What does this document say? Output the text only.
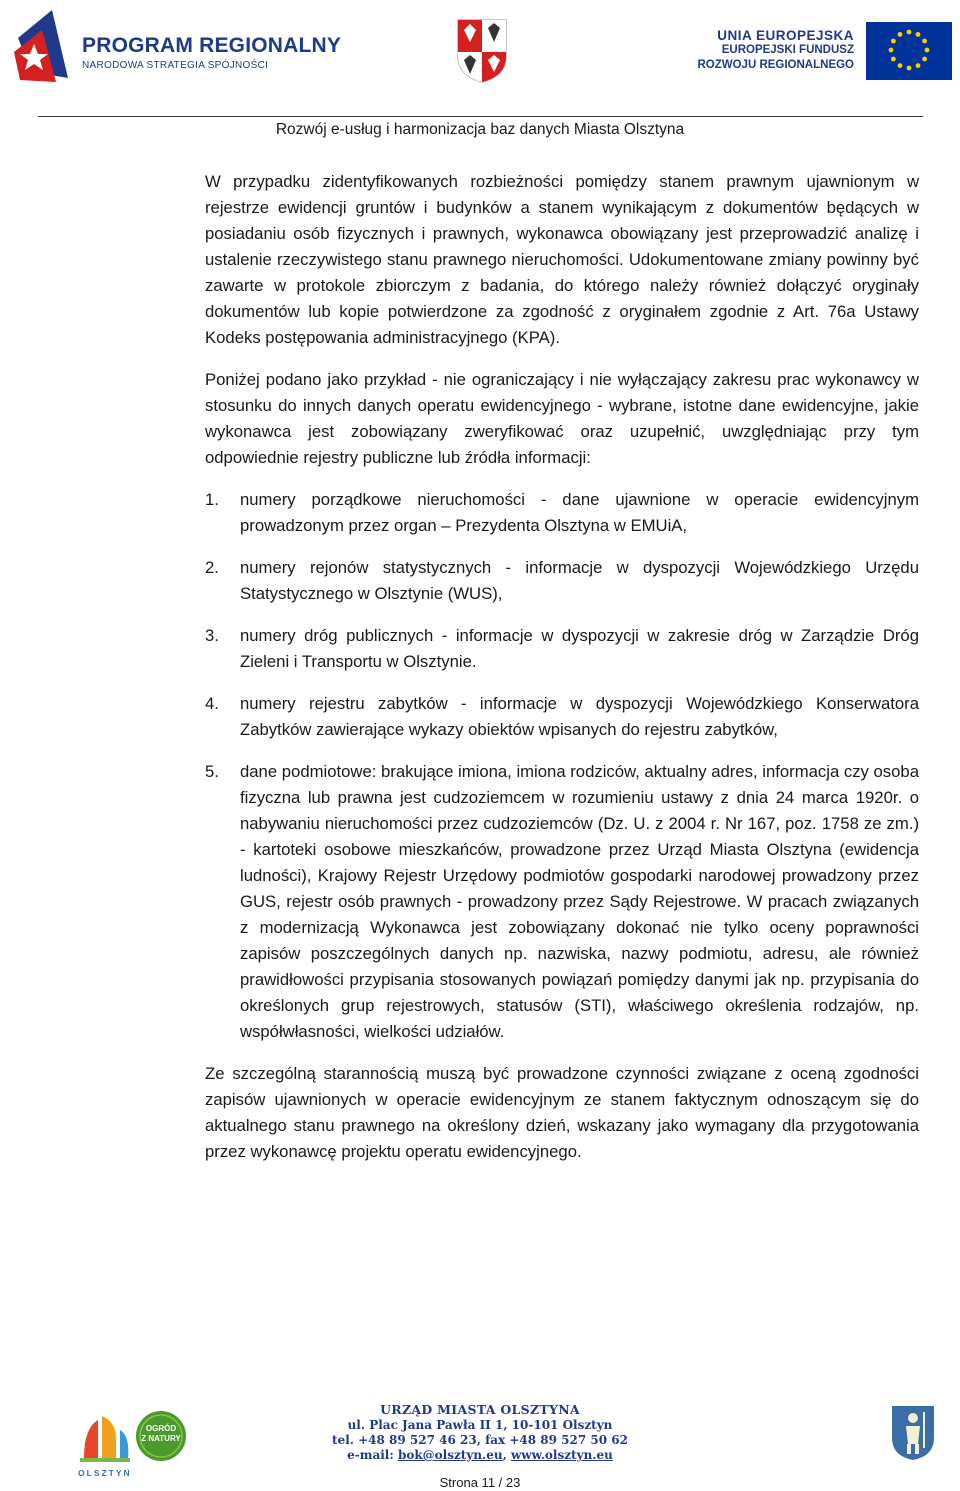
PROGRAM REGIONALNY
NARODOWA STRATEGIA SPÓJNOŚCI
UNIA EUROPEJSKA
EUROPEJSKI FUNDUSZ
ROZWOJU REGIONALNEGO
Rozwój e-usług i harmonizacja baz danych Miasta Olsztyna

W przypadku zidentyfikowanych rozbieżności pomiędzy stanem prawnym ujawnionym w rejestrze ewidencji gruntów i budynków a stanem wynikającym z dokumentów będących w posiadaniu osób fizycznych i prawnych, wykonawca obowiązany jest przeprowadzić analizę i ustalenie rzeczywistego stanu prawnego nieruchomości. Udokumentowane zmiany powinny być zawarte w protokole zbiorczym z badania, do którego należy również dołączyć oryginały dokumentów lub kopie potwierdzone za zgodność z oryginałem zgodnie z Art. 76a Ustawy Kodeks postępowania administracyjnego (KPA).

Poniżej podano jako przykład - nie ograniczający i nie wyłączający zakresu prac wykonawcy w stosunku do innych danych operatu ewidencyjnego - wybrane, istotne dane ewidencyjne, jakie wykonawca jest zobowiązany zweryfikować oraz uzupełnić, uwzględniając przy tym odpowiednie rejestry publiczne lub źródła informacji:

1. numery porządkowe nieruchomości - dane ujawnione w operacie ewidencyjnym prowadzonym przez organ – Prezydenta Olsztyna w EMUiA,
2. numery rejonów statystycznych - informacje w dyspozycji Wojewódzkiego Urzędu Statystycznego w Olsztynie (WUS),
3. numery dróg publicznych - informacje w dyspozycji w zakresie dróg w Zarządzie Dróg Zieleni i Transportu w Olsztynie.
4. numery rejestru zabytków - informacje w dyspozycji Wojewódzkiego Konserwatora Zabytków zawierające wykazy obiektów wpisanych do rejestru zabytków,
5. dane podmiotowe: brakujące imiona, imiona rodziców, aktualny adres, informacja czy osoba fizyczna lub prawna jest cudzoziemcem w rozumieniu ustawy z dnia 24 marca 1920r. o nabywaniu nieruchomości przez cudzoziemców (Dz. U. z 2004 r. Nr 167, poz. 1758 ze zm.) - kartoteki osobowe mieszkańców, prowadzone przez Urząd Miasta Olsztyna (ewidencja ludności), Krajowy Rejestr Urzędowy podmiotów gospodarki narodowej prowadzony przez GUS, rejestr osób prawnych - prowadzony przez Sądy Rejestrowe. W pracach związanych z modernizacją Wykonawca jest zobowiązany dokonać nie tylko oceny poprawności zapisów poszczególnych danych np. nazwiska, nazwy podmiotu, adresu, ale również prawidłowości przypisania stosowanych powiązań pomiędzy danymi jak np. przypisania do określonych grup rejestrowych, statusów (STI), właściwego określenia rodzajów, np. współwłasności, wielkości udziałów.

Ze szczególną starannością muszą być prowadzone czynności związane z oceną zgodności zapisów ujawnionych w operacie ewidencyjnym ze stanem faktycznym odnoszącym się do aktualnego stanu prawnego na określony dzień, wskazany jako wymagany dla przygotowania przez wykonawcę projektu operatu ewidencyjnego.

OLSZTYN
OGRÓD
Z NATURY
URZĄD MIASTA OLSZTYNA
ul. Plac Jana Pawła II 1, 10-101 Olsztyn
tel. +48 89 527 46 23, fax +48 89 527 50 62
e-mail: bok@olsztyn.eu, www.olsztyn.eu
Strona 11 / 23
